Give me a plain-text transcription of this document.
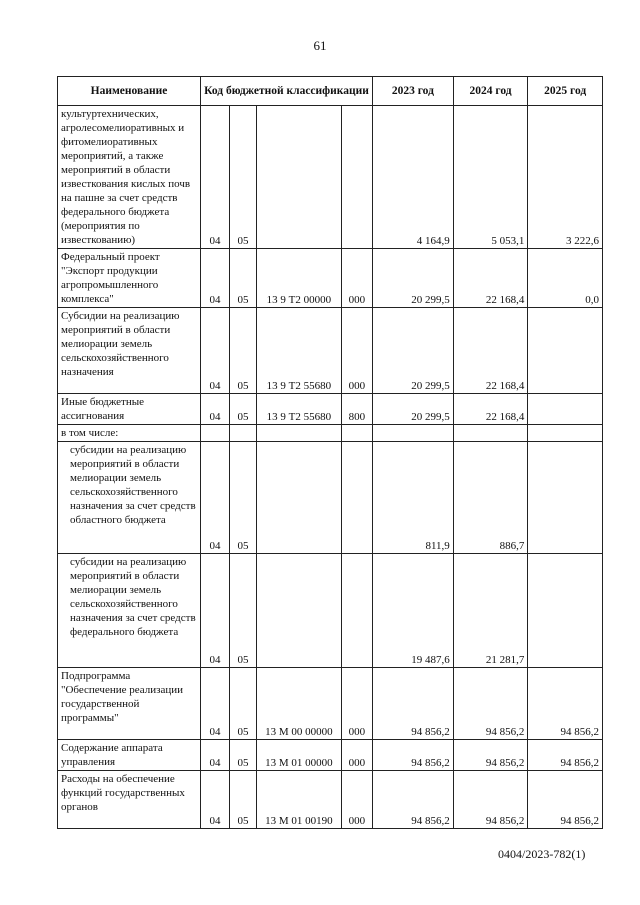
61
Наименование	Код бюджетной классификации				2023 год	2024 год	2025 год
культуртехнических, агролесомелиоративных и фитомелиоративных мероприятий, а также мероприятий в области известкования кислых почв на пашне за счет средств федерального бюджета (мероприятия по известкованию)	04	05			4 164,9	5 053,1	3 222,6
Федеральный проект "Экспорт продукции агропромышленного комплекса"	04	05	13 9 Т2 00000	000	20 299,5	22 168,4	0,0
Субсидии на реализацию мероприятий в области мелиорации земель сельскохозяйственного назначения	04	05	13 9 Т2 55680	000	20 299,5	22 168,4	
Иные бюджетные ассигнования	04	05	13 9 Т2 55680	800	20 299,5	22 168,4	
в том числе:							
субсидии на реализацию мероприятий в области мелиорации земель сельскохозяйственного назначения за счет средств областного бюджета	04	05			811,9	886,7	
субсидии на реализацию мероприятий в области мелиорации земель сельскохозяйственного назначения за счет средств федерального бюджета	04	05			19 487,6	21 281,7	
Подпрограмма "Обеспечение реализации государственной программы"	04	05	13 М 00 00000	000	94 856,2	94 856,2	94 856,2
Содержание аппарата управления	04	05	13 М 01 00000	000	94 856,2	94 856,2	94 856,2
Расходы на обеспечение функций государственных органов	04	05	13 М 01 00190	000	94 856,2	94 856,2	94 856,2
0404/2023-782(1)
